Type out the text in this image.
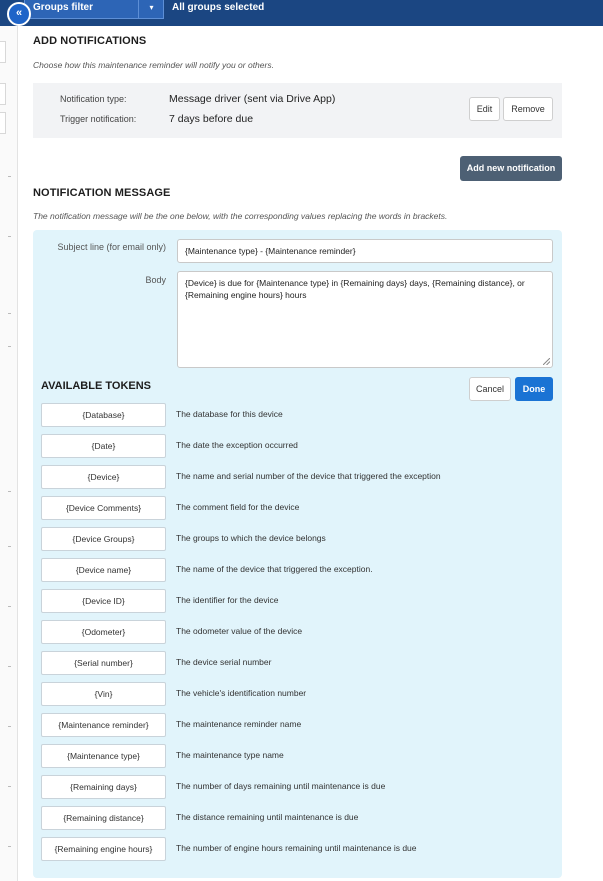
Groups filter	▾	All groups selected
«
ADD NOTIFICATIONS
Choose how this maintenance reminder will notify you or others.
Notification type:	Message driver (sent via Drive App)
Trigger notification:	7 days before due
Edit	Remove
Add new notification
NOTIFICATION MESSAGE
The notification message will be the one below, with the corresponding values replacing the words in brackets.
Subject line (for email only)	{Maintenance type} - {Maintenance reminder}
Body	{Device} is due for {Maintenance type} in {Remaining days} days, {Remaining distance}, or {Remaining engine hours} hours
AVAILABLE TOKENS	Cancel	Done
{Database}	The database for this device
{Date}	The date the exception occurred
{Device}	The name and serial number of the device that triggered the exception
{Device Comments}	The comment field for the device
{Device Groups}	The groups to which the device belongs
{Device name}	The name of the device that triggered the exception.
{Device ID}	The identifier for the device
{Odometer}	The odometer value of the device
{Serial number}	The device serial number
{Vin}	The vehicle's identification number
{Maintenance reminder}	The maintenance reminder name
{Maintenance type}	The maintenance type name
{Remaining days}	The number of days remaining until maintenance is due
{Remaining distance}	The distance remaining until maintenance is due
{Remaining engine hours}	The number of engine hours remaining until maintenance is due
